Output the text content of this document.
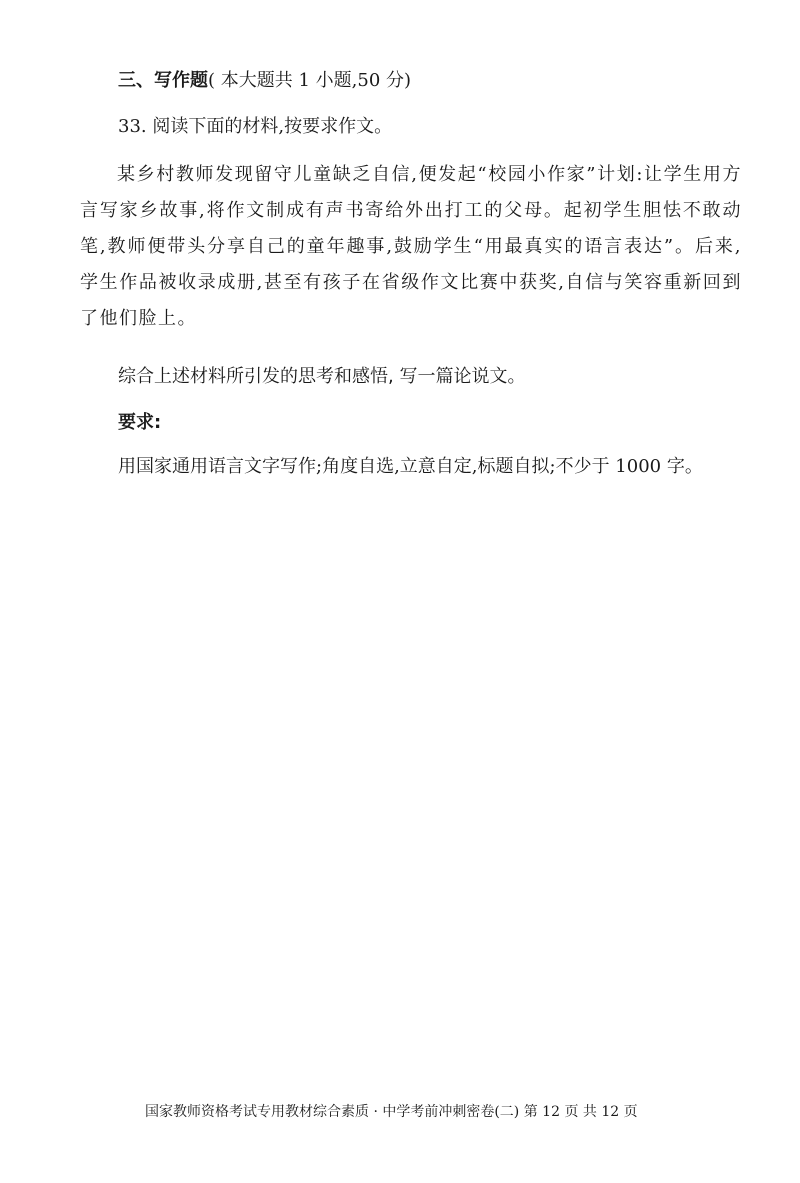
三、写作题( 本大题共 1 小题,50 分)
33. 阅读下面的材料,按要求作文。
某乡村教师发现留守儿童缺乏自信,便发起“校园小作家”计划:让学生用方言写家乡故事,将作文制成有声书寄给外出打工的父母。起初学生胆怯不敢动笔,教师便带头分享自己的童年趣事,鼓励学生“用最真实的语言表达”。后来,学生作品被收录成册,甚至有孩子在省级作文比赛中获奖,自信与笑容重新回到了他们脸上。
综合上述材料所引发的思考和感悟, 写一篇论说文。
要求:
用国家通用语言文字写作;角度自选,立意自定,标题自拟;不少于 1000 字。
国家教师资格考试专用教材综合素质 · 中学考前冲刺密卷(二) 第 12 页 共 12 页
